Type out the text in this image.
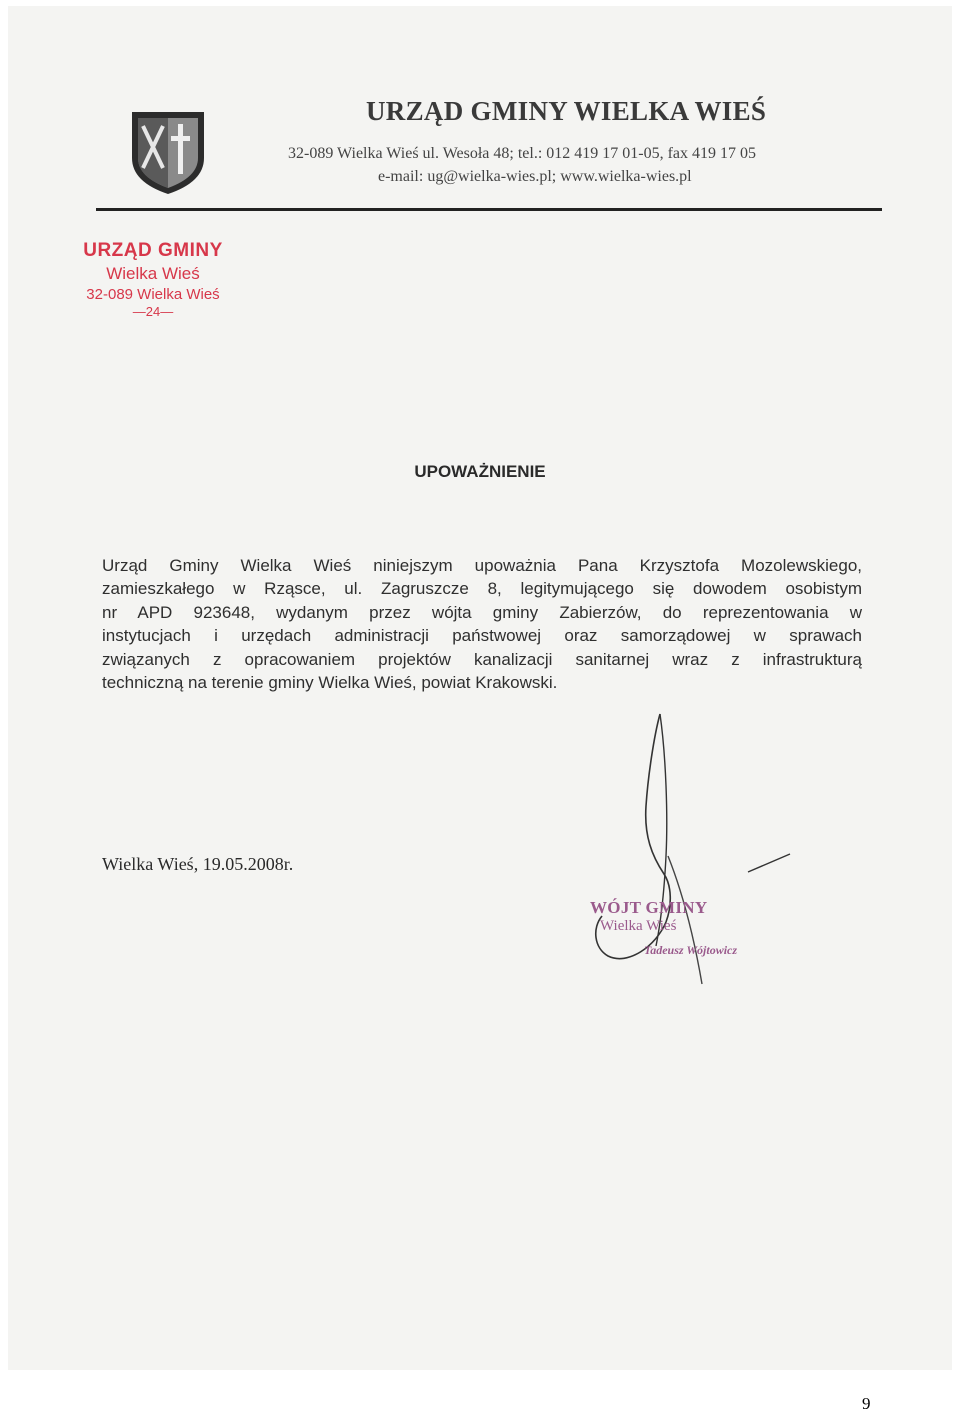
URZĄD GMINY WIELKA WIEŚ

32-089 Wielka Wieś ul. Wesoła 48; tel.: 012 419 17 01-05, fax 419 17 05

e-mail: ug@wielka-wies.pl; www.wielka-wies.pl

URZĄD GMINY
Wielka Wieś
32-089 Wielka Wieś
—24—
UPOWAŻNIENIE
Urząd Gminy Wielka Wieś niniejszym upoważnia Pana Krzysztofa Mozolewskiego,
zamieszkałego w Rząsce, ul. Zagruszcze 8, legitymującego się dowodem osobistym
nr APD 923648, wydanym przez wójta gminy Zabierzów, do reprezentowania w
instytucjach i urzędach administracji państwowej oraz samorządowej w sprawach
związanych z opracowaniem projektów kanalizacji sanitarnej wraz z infrastrukturą
techniczną na terenie gminy Wielka Wieś, powiat Krakowski.

Wielka Wieś, 19.05.2008r.

WÓJT GMINY
Wielka Wieś
Tadeusz Wójtowicz

9
